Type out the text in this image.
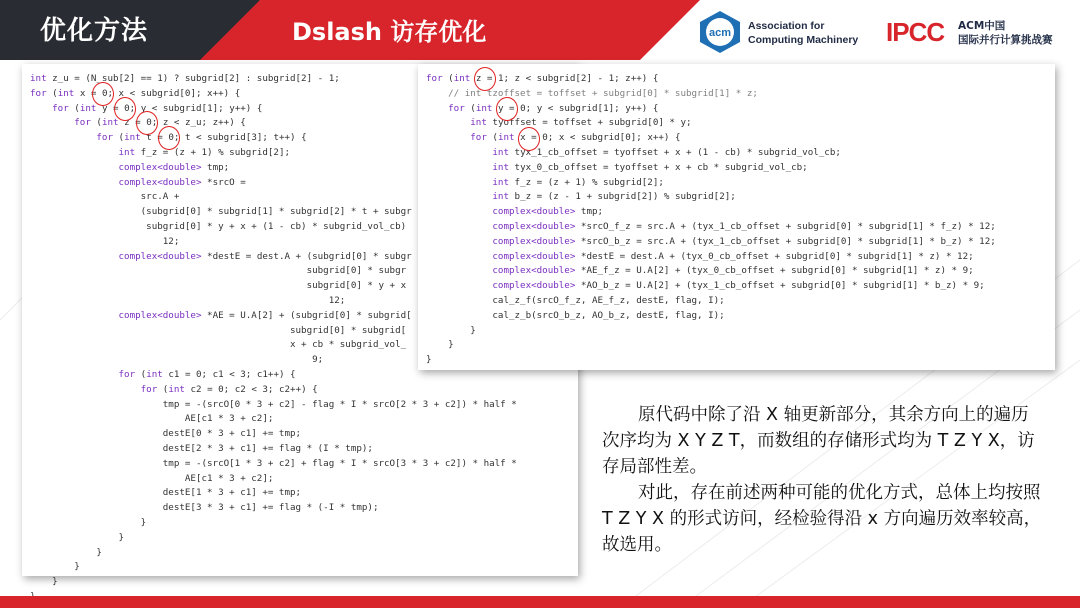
优化方法	Dslash 访存优化	acm
Association for
Computing Machinery IPCC ACM中国
国际并行计算挑战赛
int z_u = (N_sub[2] == 1) ? subgrid[2] : subgrid[2] - 1;
for (int x = 0; x < subgrid[0]; x++) {
for (int y = 0; y < subgrid[1]; y++) {
for (int z = 0; z < z_u; z++) {
for (int t = 0; t < subgrid[3]; t++) {
int f_z = (z + 1) % subgrid[2];
complex<double> tmp;
complex<double> *srcO =
src.A +
(subgrid[0] * subgrid[1] * subgrid[2] * t + subgr
subgrid[0] * y + x + (1 - cb) * subgrid_vol_cb)
12;
complex<double> *destE = dest.A + (subgrid[0] * subgr
subgrid[0] * subgr
subgrid[0] * y + x
12;
complex<double> *AE = U.A[2] + (subgrid[0] * subgrid[
subgrid[0] * subgrid[
x + cb * subgrid_vol_
9;
for (int c1 = 0; c1 < 3; c1++) {
for (int c2 = 0; c2 < 3; c2++) {
tmp = -(srcO[0 * 3 + c2] - flag * I * srcO[2 * 3 + c2]) * half *
AE[c1 * 3 + c2];
destE[0 * 3 + c1] += tmp;
destE[2 * 3 + c1] += flag * (I * tmp);
tmp = -(srcO[1 * 3 + c2] + flag * I * srcO[3 * 3 + c2]) * half *
AE[c1 * 3 + c2];
destE[1 * 3 + c1] += tmp;
destE[3 * 3 + c1] += flag * (-I * tmp);
}
}
}
}
}
for (int z = 1; z < subgrid[2] - 1; z++) {
// int tzoffset = toffset + subgrid[0] * subgrid[1] * z;
for (int y = 0; y < subgrid[1]; y++) {
int tyoffset = toffset + subgrid[0] * y;
for (int x = 0; x < subgrid[0]; x++) {
int tyx_1_cb_offset = tyoffset + x + (1 - cb) * subgrid_vol_cb;
int tyx_0_cb_offset = tyoffset + x + cb * subgrid_vol_cb;
int f_z = (z + 1) % subgrid[2];
int b_z = (z - 1 + subgrid[2]) % subgrid[2];
complex<double> tmp;
complex<double> *srcO_f_z = src.A + (tyx_1_cb_offset + subgrid[0] * subgrid[1] * f_z) * 12;
complex<double> *srcO_b_z = src.A + (tyx_1_cb_offset + subgrid[0] * subgrid[1] * b_z) * 12;
complex<double> *destE = dest.A + (tyx_0_cb_offset + subgrid[0] * subgrid[1] * z) * 12;
complex<double> *AE_f_z = U.A[2] + (tyx_0_cb_offset + subgrid[0] * subgrid[1] * z) * 9;
complex<double> *AO_b_z = U.A[2] + (tyx_1_cb_offset + subgrid[0] * subgrid[1] * b_z) * 9;
cal_z_f(srcO_f_z, AE_f_z, destE, flag, I);
cal_z_b(srcO_b_z, AO_b_z, destE, flag, I);
}
}
}

原代码中除了沿 X 轴更新部分，其余方向上的遍历次序均为 X Y Z T，而数组的存储形式均为 T Z Y X，访存局部性差。

对此，存在前述两种可能的优化方式，总体上均按照 T Z Y X 的形式访问，经检验得沿 x 方向遍历效率较高，故选用。
